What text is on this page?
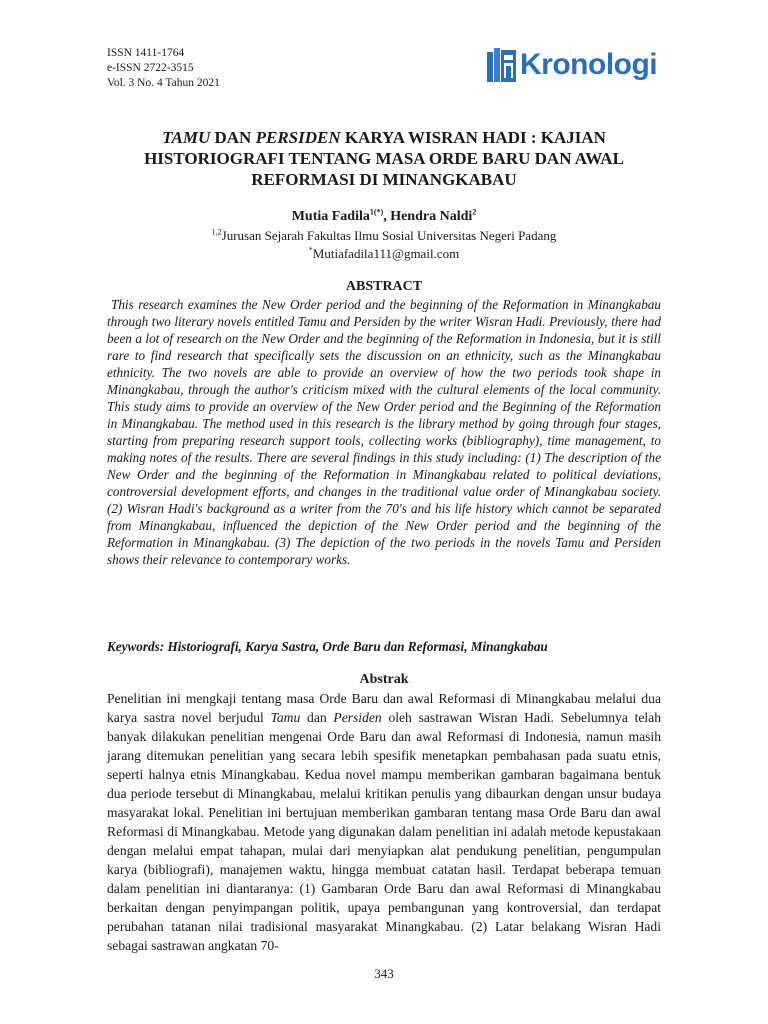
ISSN 1411-1764
e-ISSN 2722-3515
Vol. 3 No. 4 Tahun 2021
Kronologi
TAMU DAN PERSIDEN KARYA WISRAN HADI : KAJIAN HISTORIOGRAFI TENTANG MASA ORDE BARU DAN AWAL REFORMASI DI MINANGKABAU
Mutia Fadila$^{1(*)}$, Hendra Naldi$^2$
$^{1,2}$Jurusan Sejarah Fakultas Ilmu Sosial Universitas Negeri Padang
*Mutiafadila111@gmail.com
ABSTRACT

This research examines the New Order period and the beginning of the Reformation in Minangkabau through two literary novels entitled Tamu and Persiden by the writer Wisran Hadi. Previously, there had been a lot of research on the New Order and the beginning of the Reformation in Indonesia, but it is still rare to find research that specifically sets the discussion on an ethnicity, such as the Minangkabau ethnicity. The two novels are able to provide an overview of how the two periods took shape in Minangkabau, through the author's criticism mixed with the cultural elements of the local community. This study aims to provide an overview of the New Order period and the Beginning of the Reformation in Minangkabau. The method used in this research is the library method by going through four stages, starting from preparing research support tools, collecting works (bibliography), time management, to making notes of the results. There are several findings in this study including: (1) The description of the New Order and the beginning of the Reformation in Minangkabau related to political deviations, controversial development efforts, and changes in the traditional value order of Minangkabau society. (2) Wisran Hadi's background as a writer from the 70's and his life history which cannot be separated from Minangkabau, influenced the depiction of the New Order period and the beginning of the Reformation in Minangkabau. (3) The depiction of the two periods in the novels Tamu and Persiden shows their relevance to contemporary works.

Keywords: Historiografi, Karya Sastra, Orde Baru dan Reformasi, Minangkabau

Abstrak

Penelitian ini mengkaji tentang masa Orde Baru dan awal Reformasi di Minangkabau melalui dua karya sastra novel berjudul Tamu dan Persiden oleh sastrawan Wisran Hadi. Sebelumnya telah banyak dilakukan penelitian mengenai Orde Baru dan awal Reformasi di Indonesia, namun masih jarang ditemukan penelitian yang secara lebih spesifik menetapkan pembahasan pada suatu etnis, seperti halnya etnis Minangkabau. Kedua novel mampu memberikan gambaran bagaimana bentuk dua periode tersebut di Minangkabau, melalui kritikan penulis yang dibaurkan dengan unsur budaya masyarakat lokal. Penelitian ini bertujuan memberikan gambaran tentang masa Orde Baru dan awal Reformasi di Minangkabau. Metode yang digunakan dalam penelitian ini adalah metode kepustakaan dengan melalui empat tahapan, mulai dari menyiapkan alat pendukung penelitian, pengumpulan karya (bibliografi), manajemen waktu, hingga membuat catatan hasil. Terdapat beberapa temuan dalam penelitian ini diantaranya: (1) Gambaran Orde Baru dan awal Reformasi di Minangkabau berkaitan dengan penyimpangan politik, upaya pembangunan yang kontroversial, dan terdapat perubahan tatanan nilai tradisional masyarakat Minangkabau. (2) Latar belakang Wisran Hadi sebagai sastrawan angkatan 70-

343
